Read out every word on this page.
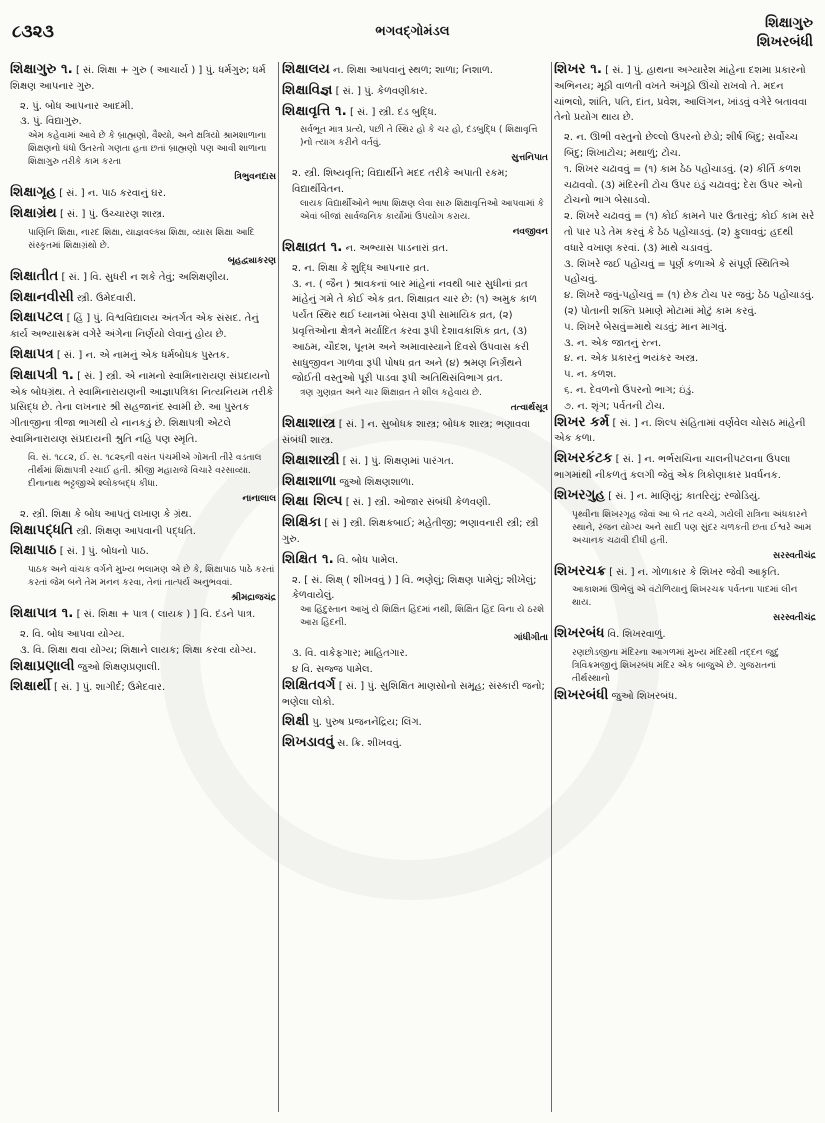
૮૩૨૩	ભગવદ્ગોમંડલ
શિક્ષાગુરુ
શિખરબંધી

શિક્ષાગુરુ ૧. [ સં. શિક્ષા + ગુરુ ( આચાર્ય ) ] પું. ધર્મગુરુ; ધર્મ શિક્ષણ આપનાર ગુરુ.

૨. પું. બોધ આપનાર આદમી.

૩. પું. વિદ્યાગુરુ.

એમ કહેવામાં આવે છે કે બ્રાહ્મણો, વૈશ્યો, અને ક્ષત્રિયો શ્રામશાળાના શિક્ષણનો ધંધો ઉતરતો ગણતા હતા છતાં બ્રાહ્મણો પણ આવી શાળાના શિક્ષાગુરુ તરીકે કામ કરતા

ત્રિભુવનદાસ

શિક્ષાગૃહ [ સં. ] ન. પાઠ કરવાનું ઘર.

શિક્ષાગ્રંથ [ સં. ] પું. ઉચ્ચારણ શાસ્ત્ર.

પાણિનિ શિક્ષા, નારદ શિક્ષા, યાજ્ઞવલ્ક્ય શિક્ષા, વ્યાસ શિક્ષા આદિ સંસ્કૃતમાં શિક્ષાગ્રંથો છે.

બૃહદ્વ્યાકરણ

શિક્ષાતીત [ સં. ] વિ. સુધરી ન શકે તેવું; અશિક્ષણીય.

શિક્ષાનવીસી સ્ત્રી. ઉમેદવારી.

શિક્ષાપટલ [ હિં ] પું. વિશ્વવિદ્યાલય અંતર્ગત એક સંસદ. તેનું કાર્ય અભ્યાસક્રમ વગેરે અંગેના નિર્ણયો લેવાનું હોય છે.

શિક્ષાપત્ર [ સં. ] ન. એ નામનું એક ધર્મબોધક પુસ્તક.

શિક્ષાપત્રી ૧. [ સં. ] સ્ત્રી. એ નામનો સ્વામિનારાયણ સંપ્રદાયનો એક બોધગ્રંથ. તે સ્વામિનારાયણની આજ્ઞાપત્રિકા નિત્યનિયમ તરીકે પ્રસિદ્ધ છે. તેના લખનાર શ્રી સહજાનંદ સ્વામી છે. આ પુસ્તક ગીતાજીના ત્રીજા ભાગથી યે નાનકડું છે. શિક્ષાપત્રી એટલે સ્વામિનારાયણ સંપ્રદાયની શ્રુતિ નહિ પણ સ્મૃતિ.

વિ. સં. ૧૮૮૨, ઈ. સ. ૧૮૨૬ની વસંત પંચમીએ ગોમતી તીરે વડતાલ તીર્થમાં શિક્ષાપત્રી રચાઈ હતી. શ્રીજી મહારાજે વિચારે વરસાવ્યા. દીનાનાથ ભટ્ટજીએ શ્લોકબદ્ધ કીધા.

નાનાલાલ

૨. સ્ત્રી. શિક્ષા કે બોધ આપતું લખાણ કે ગ્રંથ.

શિક્ષાપદ્ધતિ સ્ત્રી. શિક્ષણ આપવાની પદ્ધતિ.

શિક્ષાપાઠ [ સં. ] પું. બોધનો પાઠ.

પાઠક અને વાંચક વર્ગને મુખ્ય ભલામણ એ છે કે, શિક્ષાપાઠ પાઠે કરતાં કરતાં જેમ બને તેમ મનન કરવા, તેનાં તાત્પર્ય અનુભવવાં.

શ્રીમદ્રાજચંદ્ર

શિક્ષાપાત્ર ૧. [ સં. શિક્ષા + પાત્ર ( લાયક ) ] વિ. દંડને પાત્ર.

૨. વિ. બોધ આપવા યોગ્ય.

૩. વિ. શિક્ષા થવા યોગ્ય; શિક્ષાને લાયક; શિક્ષા કરવા યોગ્ય.

શિક્ષાપ્રણાલી જુઓ શિક્ષણપ્રણાલી.

શિક્ષાર્થી [ સં. ] પું. શાગીર્દ; ઉમેદવાર.

શિક્ષાલય ન. શિક્ષા આપવાનું સ્થળ; શાળા; નિશાળ.

શિક્ષાવિજ્ઞ [ સં. ] પું. કેળવણીકાર.

શિક્ષાવૃત્તિ ૧. [ સં. ] સ્ત્રી. દંડ બુદ્ધિ.

સર્વભૂત માત્ર પ્રત્યે, પછી તે સ્થિર હો કે ચર હો, દંડબુદ્ધિ ( શિક્ષાવૃત્તિ )નો ત્યાગ કરીને વર્તવું.

સુત્તનિપાત

૨. સ્ત્રી. શિષ્યવૃત્તિ; વિદ્યાર્થીને મદદ તરીકે અપાતી રકમ; વિદ્યાર્થીવેતન.

લાયક વિદ્યાર્થીઓને ભાષા શિક્ષણ લેવા સારુ શિક્ષાવૃત્તિઓ આપવામાં કે એવાં બીજાં સાર્વજનિક કાર્યોમાં ઉપયોગ કરાય.

નવજીવન

શિક્ષાવ્રત ૧. ન. અભ્યાસ પાડનારાં વ્રત.

૨. ન. શિક્ષા કે શુદ્ધિ આપનાર વ્રત.

૩. ન. ( જૈન ) શ્રાવકનાં બાર માંહેનાં નવથી બાર સુધીનાં વ્રત માંહેનું ગમે તે કોઈ એક વ્રત. શિક્ષાવ્રત ચાર છે: (૧) અમુક કાળ પર્યંત સ્થિર થઈ ધ્યાનમાં બેસવા રૂપી સામાયિક વ્રત, (૨) પ્રવૃત્તિઓના ક્ષેત્રને મર્યાદિત કરવા રૂપી દેશાવકાશિક વ્રત, (૩) આઠમ, ચૌદશ, પૂનમ અને અમાવાસ્યાને દિવસે ઉપવાસ કરી સાધુજીવન ગાળવા રૂપી પોષધ વ્રત અને (૪) શ્રમણ નિર્ગ્રંથને જોઈતી વસ્તુઓ પૂરી પાડવા રૂપી અતિથિસંવિભાગ વ્રત.

ત્રણ ગુણવ્રત અને ચાર શિક્ષાવ્રત તે શીલ કહેવાય છે.

તત્વાર્થસૂત્ર

શિક્ષાશાસ્ત્ર [ સં. ] ન. સુબોધક શાસ્ત્ર; બોધક શાસ્ત્ર; ભણાવવા સંબંધી શાસ્ત્ર.

શિક્ષાશાસ્ત્રી [ સં. ] પું. શિક્ષણમાં પારંગત.

શિક્ષાશાળા જુઓ શિક્ષણશાળા.

શિક્ષા શિલ્પ [ સં. ] સ્ત્રી. ઓજાર સંબંધી કેળવણી.

શિક્ષિકા [ સં ] સ્ત્રી. શિક્ષકબાઈ; મહેતીજી; ભણાવનારી સ્ત્રી; સ્ત્રી ગુરુ.

શિક્ષિત ૧. વિ. બોધ પામેલ.

૨. [ સં. શિક્ષ્ ( શીખવવું ) ] વિ. ભણેલું; શિક્ષણ પામેલું; શીખેલું; કેળવાયેલું.

આ હિંદુસ્તાન આખું યે શિક્ષિત હિંદમાં નથી, શિક્ષિત હિંદ વિના યે ઠરશે આરા હિંદની.

ગાંધીગીતા

૩. વિ. વાકેફગાર; માહિતગાર.

૪ વિ. સજ્જ પામેલ.

શિક્ષિતવર્ગ [ સં. ] પું. સુશિક્ષિત માણસોનો સમૂહ; સંસ્કારી જનો; ભણેલા લોકો.

શિક્ષી પુ. પુરુષ પ્રજનનેંદ્રિય; લિંગ.

શિખડાવવું સ. ક્રિ. શીખવવું.

શિખર ૧. [ સં. ] પું. હાથના અગ્યારેશ માંહેના દશમા પ્રકારનો અભિનય; મૂઠી વાળતી વખતે અંગૂઠો ઊંચો રાખવો તે. મદન ચાંભલો, શાંતિ, પતિ, દાંત, પ્રવેશ, આલિંગન, ખાંડવું વગેરે બતાવવા તેનો પ્રયોગ થાય છે.

૨. ન. ઊભી વસ્તુનો છેલ્લો ઉપરનો છેડો; શીર્ષ બિંદુ; સર્વોચ્ચ બિંદુ; શિખાટોચ; મથાળું; ટોચ.

૧. શિખર ચઢાવવું = (૧) કામ ઠેઠ પહોંચાડવું. (૨) કીર્તિ કળશ ચઢાવવો. (૩) મંદિરની ટોચ ઉપર ઇંડું ચઢાવવું; દેરા ઉપર એનો ટોચનો ભાગ બેસાડવો.

૨. શિખરે ચઢાવવું = (૧) કોઈ કામને પાર ઉતારવું; કોઈ કામ સરે તો પાર પડે તેમ કરવું કે ઠેઠ પહોંચાડવું. (૨) ફુલાવવું; હદથી વધારે વખાણ કરવાં. (૩) માથે ચડાવવું.

૩. શિખરે જઈ પહોંચવું = પૂર્ણ કળાએ કે સંપૂર્ણ સ્થિતિએ પહોંચવું.

૪. શિખરે જવું-પહોંચવું = (૧) છેક ટોચ પર જવું; ઠેઠ પહોંચાડવું. (૨) પોતાની શક્તિ પ્રમાણે મોટામાં મોટું કામ કરવું.

૫. શિખરે બેસવું=માથે ચડવું; માન માગવું.

૩. ન. એક જાતનું રત્ન.

૪. ન. એક પ્રકારનું ભયંકર અસ્ત્ર.

૫. ન. કળશ.

૬. ન. દેવળનો ઉપરનો ભાગ; ઇંડું.

૭. ન. શૃંગ; પર્વતની ટોચ.

શિખર કર્મ [ સં. ] ન. શિલ્પ સંહિતામાં વર્ણવેલ ચોસઠ માંહેની એક કળા.

શિખરકંટક [ સં. ] ન. ભર્ભરાચિના ચાલનીપટલના ઉપલા ભાગમાંથી નીકળતું કલગી જેવું એક ત્રિકોણાકાર પ્રવર્ધનક.

શિખરગુહ [ સં. ] ન. માણિયું; કાતરિયું; રજોડિયું.

પૃથ્વીના શિખરગૃહ જેવાં આ બે તટ વચ્ચે, ગયેલી રાત્રિના અંધકારને સ્થાને, રંજન યોગ્ય અને સાદી પણ સુંદર ચળકતી છતા ઈશ્વરે આમ અચાનક ચઢાવી દીધી હતી.

સરસ્વતીચંદ્ર

શિખરચક્ર [ સં. ] ન. ગોળાકાર કે શિખર જેવી આકૃતિ.

આકાશમાં ઊભેલું એ વંટોળિયાનું શિખરચક્ર પર્વતના પાદમાં લીન થાય.

સરસ્વતીચંદ્ર

શિખરબંધ વિ. શિખરવાળું.

રણછોડજીના મંદિરના આગળમાં મુખ્ય મંદિરથી તદ્દન જુદું ત્રિવિક્રમજીનું શિખરબંધ મંદિર એક બાજુએ છે. ગુજરાતનાં તીર્થસ્થાનો

શિખરબંધી જુઓ શિખરબંધ.
